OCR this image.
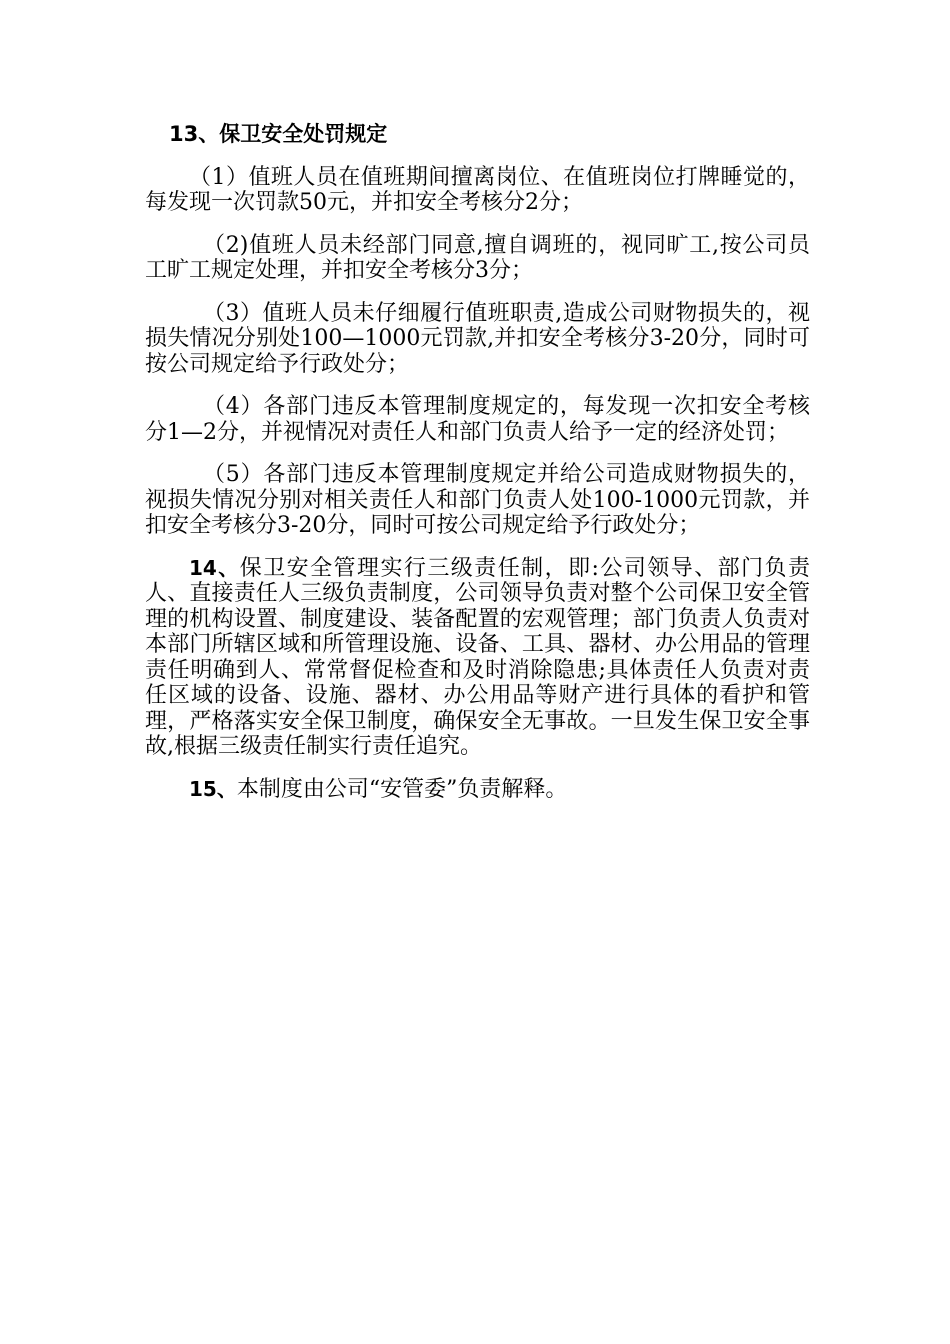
13、保卫安全处罚规定

（1）值班人员在值班期间擅离岗位、在值班岗位打牌睡觉的，每发现一次罚款50元，并扣安全考核分2分；

（2)值班人员未经部门同意,擅自调班的，视同旷工,按公司员工旷工规定处理，并扣安全考核分3分；

（3）值班人员未仔细履行值班职责,造成公司财物损失的，视损失情况分别处100—1000元罚款,并扣安全考核分3-20分，同时可按公司规定给予行政处分；

（4）各部门违反本管理制度规定的，每发现一次扣安全考核分1—2分，并视情况对责任人和部门负责人给予一定的经济处罚；

（5）各部门违反本管理制度规定并给公司造成财物损失的，视损失情况分别对相关责任人和部门负责人处100-1000元罚款，并扣安全考核分3-20分，同时可按公司规定给予行政处分；

14、保卫安全管理实行三级责任制，即:公司领导、部门负责人、直接责任人三级负责制度，公司领导负责对整个公司保卫安全管理的机构设置、制度建设、装备配置的宏观管理；部门负责人负责对本部门所辖区域和所管理设施、设备、工具、器材、办公用品的管理责任明确到人、常常督促检查和及时消除隐患;具体责任人负责对责任区域的设备、设施、器材、办公用品等财产进行具体的看护和管理，严格落实安全保卫制度，确保安全无事故。一旦发生保卫安全事故,根据三级责任制实行责任追究。

15、本制度由公司“安管委”负责解释。
